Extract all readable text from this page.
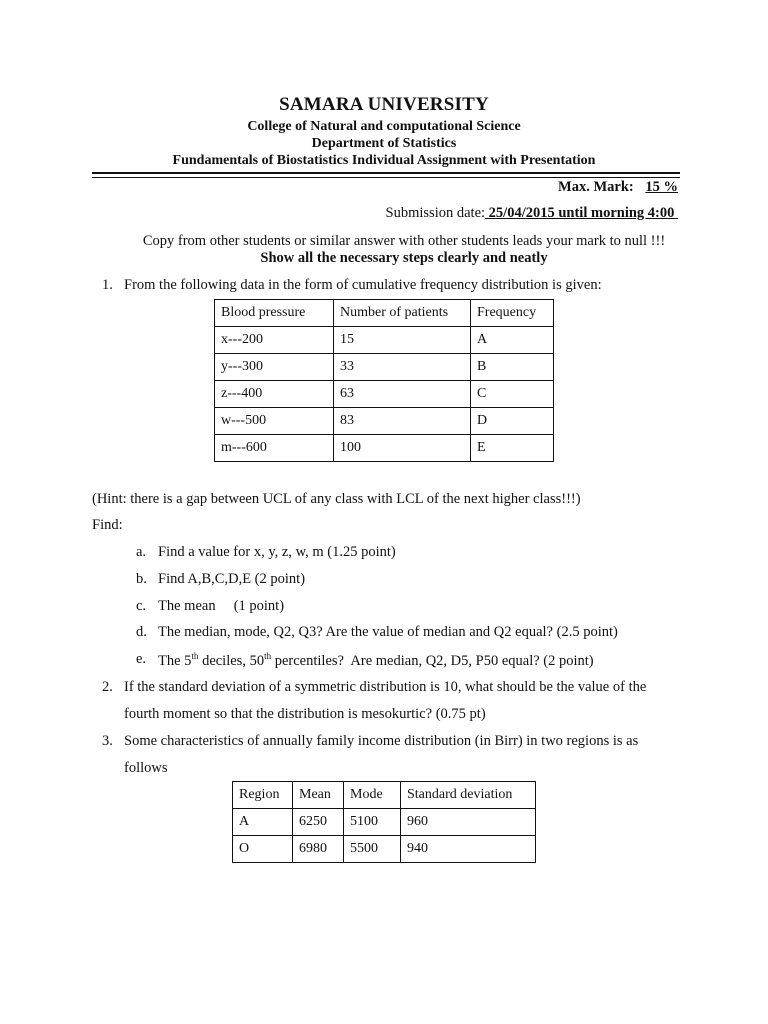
SAMARA UNIVERSITY
College of Natural and computational Science
Department of Statistics
Fundamentals of Biostatistics Individual Assignment with Presentation
Max. Mark: 15 %
Submission date: 25/04/2015 until morning 4:00
Copy from other students or similar answer with other students leads your mark to null !!!
Show all the necessary steps clearly and neatly
1. From the following data in the form of cumulative frequency distribution is given:
Blood pressure	Number of patients	Frequency
x---200	15	A
y---300	33	B
z---400	63	C
w---500	83	D
m---600	100	E
(Hint: there is a gap between UCL of any class with LCL of the next higher class!!!)
Find:
a. Find a value for x, y, z, w, m (1.25 point)
b. Find A,B,C,D,E (2 point)
c. The mean     (1 point)
d. The median, mode, Q2, Q3? Are the value of median and Q2 equal? (2.5 point)
e. The 5th deciles, 50th percentiles?  Are median, Q2, D5, P50 equal? (2 point)
2. If the standard deviation of a symmetric distribution is 10, what should be the value of the
fourth moment so that the distribution is mesokurtic? (0.75 pt)
3. Some characteristics of annually family income distribution (in Birr) in two regions is as
follows
Region	Mean	Mode	Standard deviation
A	6250	5100	960
O	6980	5500	940
